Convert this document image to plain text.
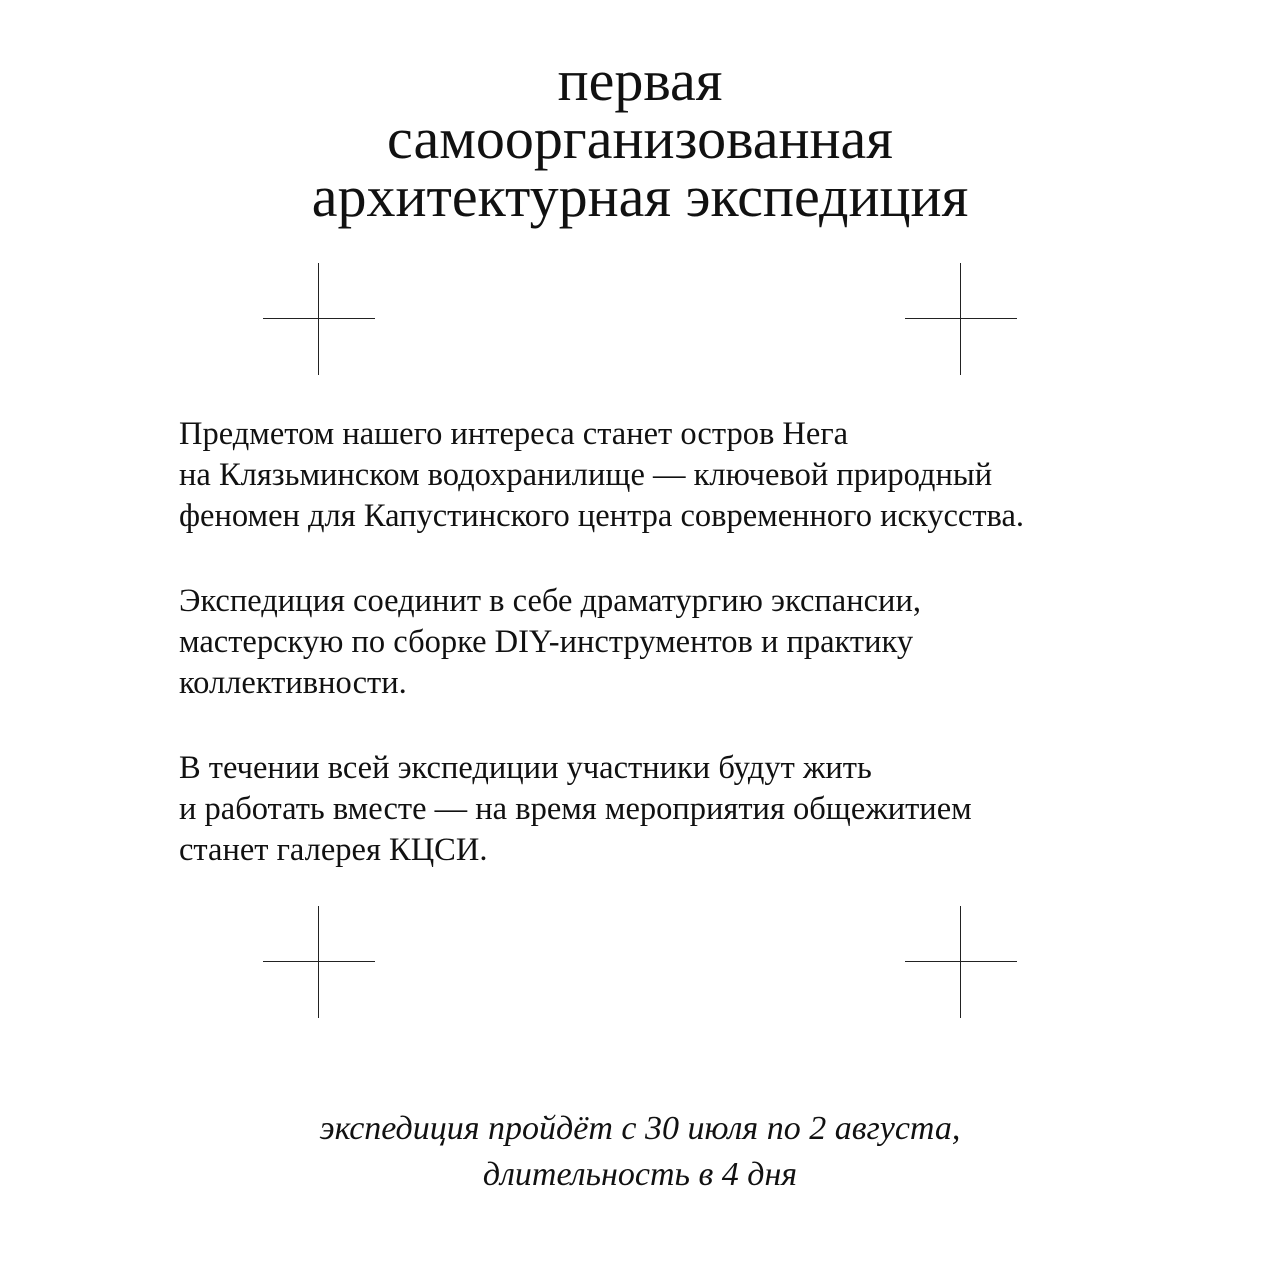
первая
самоорганизованная
архитектурная экспедиция

Предметом нашего интереса станет остров Нега
на Клязьминском водохранилище — ключевой природный
феномен для Капустинского центра современного искусства.

Экспедиция соединит в себе драматургию экспансии,
мастерскую по сборке DIY-инструментов и практику
коллективности.

В течении всей экспедиции участники будут жить
и работать вместе — на время мероприятия общежитием
станет галерея КЦСИ.

экспедиция пройдёт с 30 июля по 2 августа,
длительность в 4 дня
